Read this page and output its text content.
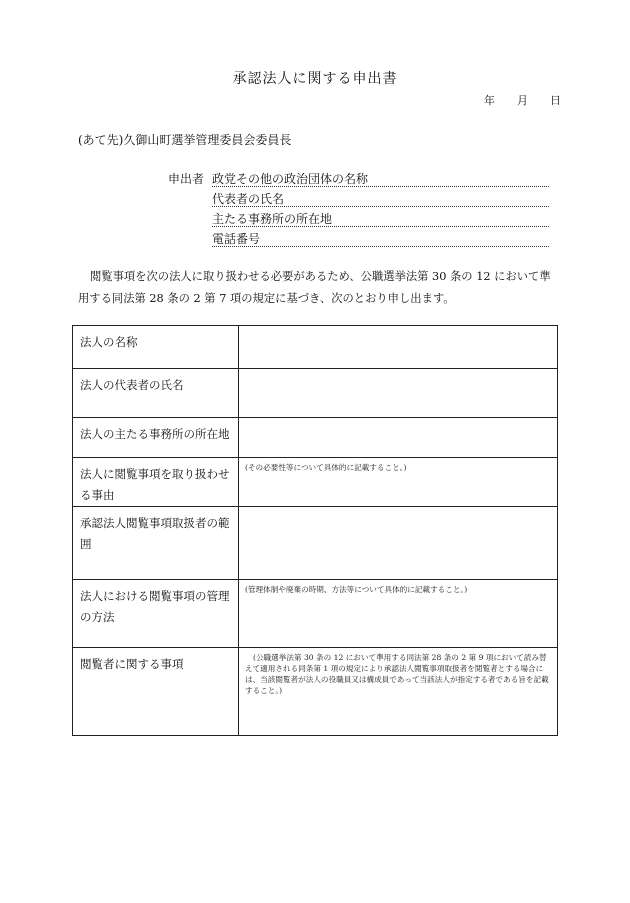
承認法人に関する申出書
年 月 日
(あて先)久御山町選挙管理委員会委員長
申出者 政党その他の政治団体の名称
代表者の氏名
主たる事務所の所在地
電話番号
閲覧事項を次の法人に取り扱わせる必要があるため、公職選挙法第 30 条の 12 において準用する同法第 28 条の 2 第 7 項の規定に基づき、次のとおり申し出ます。
法人の名称	
法人の代表者の氏名	
法人の主たる事務所の所在地	
法人に閲覧事項を取り扱わせる事由	(その必要性等について具体的に記載すること。)
承認法人閲覧事項取扱者の範囲	
法人における閲覧事項の管理の方法	(管理体制や廃棄の時期、方法等について具体的に記載すること。)
閲覧者に関する事項	(公職選挙法第 30 条の 12 において準用する同法第 28 条の 2 第 9 項において読み替えて適用される同条第 1 項の規定により承認法人閲覧事項取扱者を閲覧者とする場合には、当該閲覧者が法人の役職員又は構成員であって当該法人が指定する者である旨を記載すること。)
